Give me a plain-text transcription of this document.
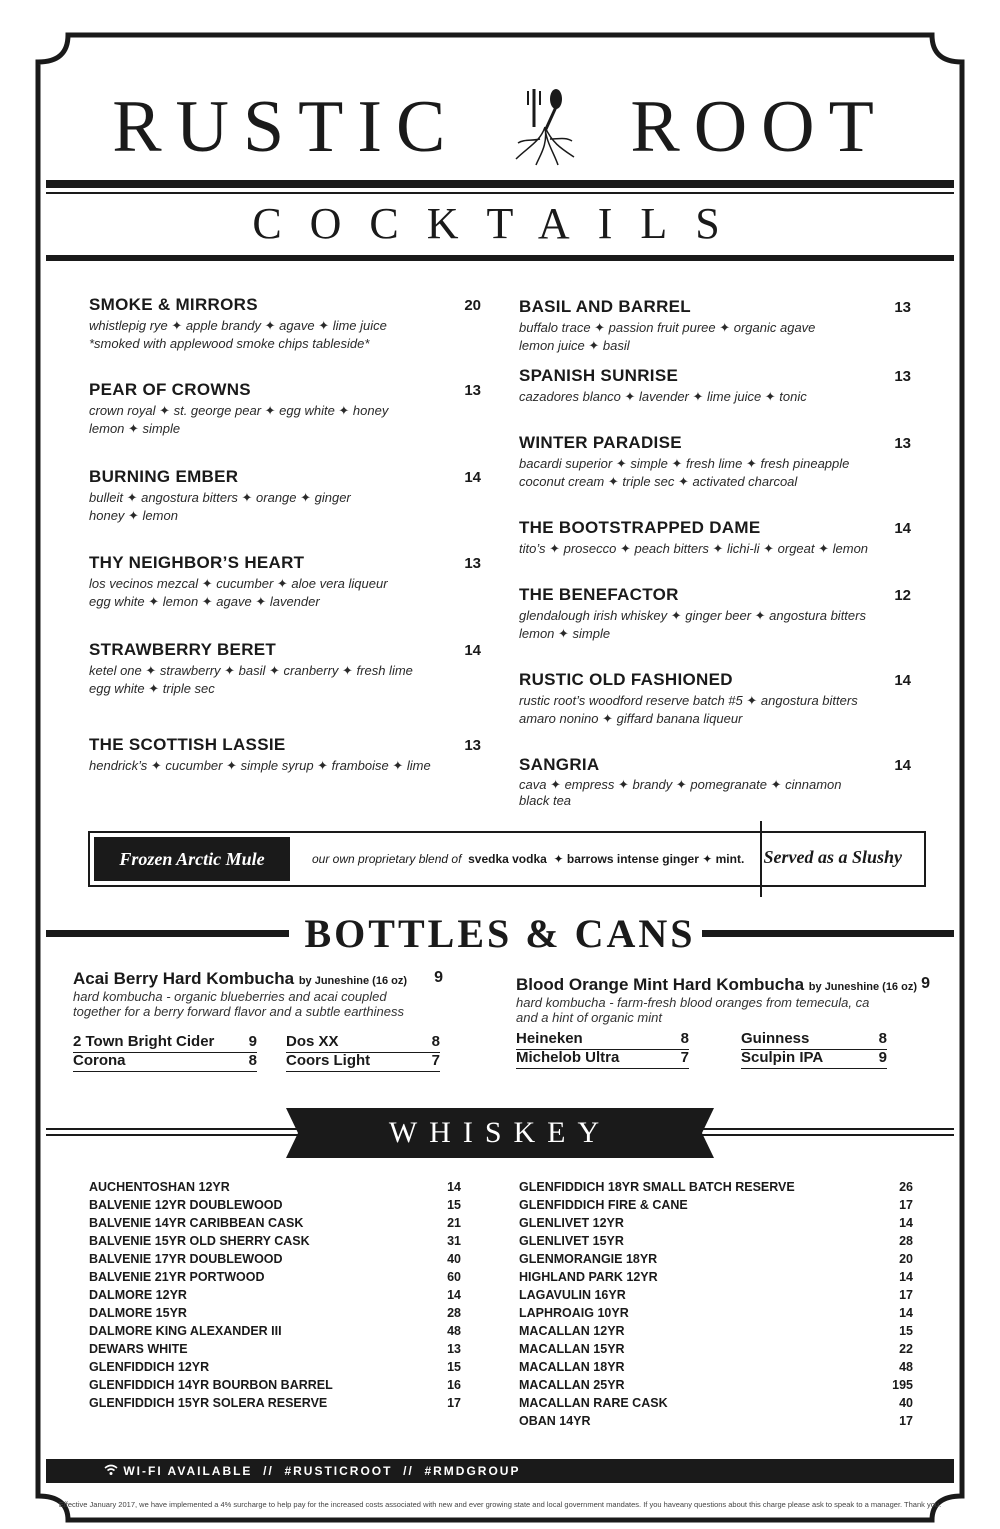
RUSTIC ROOT
COCKTAILS
SMOKE & MIRRORS	20
whistlepig rye ✦ apple brandy ✦ agave ✦ lime juice
*smoked with applewood smoke chips tableside*
PEAR OF CROWNS	13
crown royal ✦ st. george pear ✦ egg white ✦ honey
lemon ✦ simple
BURNING EMBER	14
bulleit ✦ angostura bitters ✦ orange ✦ ginger
honey ✦ lemon
THY NEIGHBOR’S HEART	13
los vecinos mezcal ✦ cucumber ✦ aloe vera liqueur
egg white ✦ lemon ✦ agave ✦ lavender
STRAWBERRY BERET	14
ketel one ✦ strawberry ✦ basil ✦ cranberry ✦ fresh lime
egg white ✦ triple sec
THE SCOTTISH LASSIE	13
hendrick’s ✦ cucumber ✦ simple syrup ✦ framboise ✦ lime
BASIL AND BARREL	13
buffalo trace ✦ passion fruit puree ✦ organic agave
lemon juice ✦ basil
SPANISH SUNRISE	13
cazadores blanco ✦ lavender ✦ lime juice ✦ tonic
WINTER PARADISE	13
bacardi superior ✦ simple ✦ fresh lime ✦ fresh pineapple
coconut cream ✦ triple sec ✦ activated charcoal
THE BOOTSTRAPPED DAME	14
tito’s ✦ prosecco ✦ peach bitters ✦ lichi-li ✦ orgeat ✦ lemon
THE BENEFACTOR	12
glendalough irish whiskey ✦ ginger beer ✦ angostura bitters
lemon ✦ simple
RUSTIC OLD FASHIONED	14
rustic root’s woodford reserve batch #5 ✦ angostura bitters
amaro nonino ✦ giffard banana liqueur
SANGRIA	14
cava ✦ empress ✦ brandy ✦ pomegranate ✦ cinnamon
black tea
Frozen Arctic Mule	our own proprietary blend of svedka vodka  ✦ barrows intense ginger ✦ mint. Served as a Slushy
BOTTLES & CANS
Acai Berry Hard Kombucha by Juneshine (16 oz)	9
hard kombucha - organic blueberries and acai coupled
together for a berry forward flavor and a subtle earthiness
Blood Orange Mint Hard Kombucha by Juneshine (16 oz) 9
hard kombucha - farm-fresh blood oranges from temecula, ca
and a hint of organic mint
2 Town Bright Cider 9
Corona	8
Dos XX	8
Coors Light	7
Heineken	8
Michelob Ultra	7
Guinness	8
Sculpin IPA	9
WHISKEY
AUCHENTOSHAN 12YR	14
BALVENIE 12YR DOUBLEWOOD	15
BALVENIE 14YR CARIBBEAN CASK	21
BALVENIE 15YR OLD SHERRY CASK	31
BALVENIE 17YR DOUBLEWOOD	40
BALVENIE 21YR PORTWOOD	60
DALMORE 12YR	14
DALMORE 15YR	28
DALMORE KING ALEXANDER III	48
DEWARS WHITE	13
GLENFIDDICH 12YR	15
GLENFIDDICH 14YR BOURBON BARREL	16
GLENFIDDICH 15YR SOLERA RESERVE	17
GLENFIDDICH 18YR SMALL BATCH RESERVE	26
GLENFIDDICH FIRE & CANE	17
GLENLIVET 12YR	14
GLENLIVET 15YR	28
GLENMORANGIE 18YR	20
HIGHLAND PARK 12YR	14
LAGAVULIN 16YR	17
LAPHROAIG 10YR	14
MACALLAN 12YR	15
MACALLAN 15YR	22
MACALLAN 18YR	48
MACALLAN 25YR	195
MACALLAN RARE CASK	40
OBAN 14YR	17
WI-FI AVAILABLE  //  #RUSTICROOT  //  #RMDGROUP
Effective January 2017, we have implemented a 4% surcharge to help pay for the increased costs associated with new and ever growing state and local government mandates. If you haveany questions about this charge please ask to speak to a manager. Thank you.
